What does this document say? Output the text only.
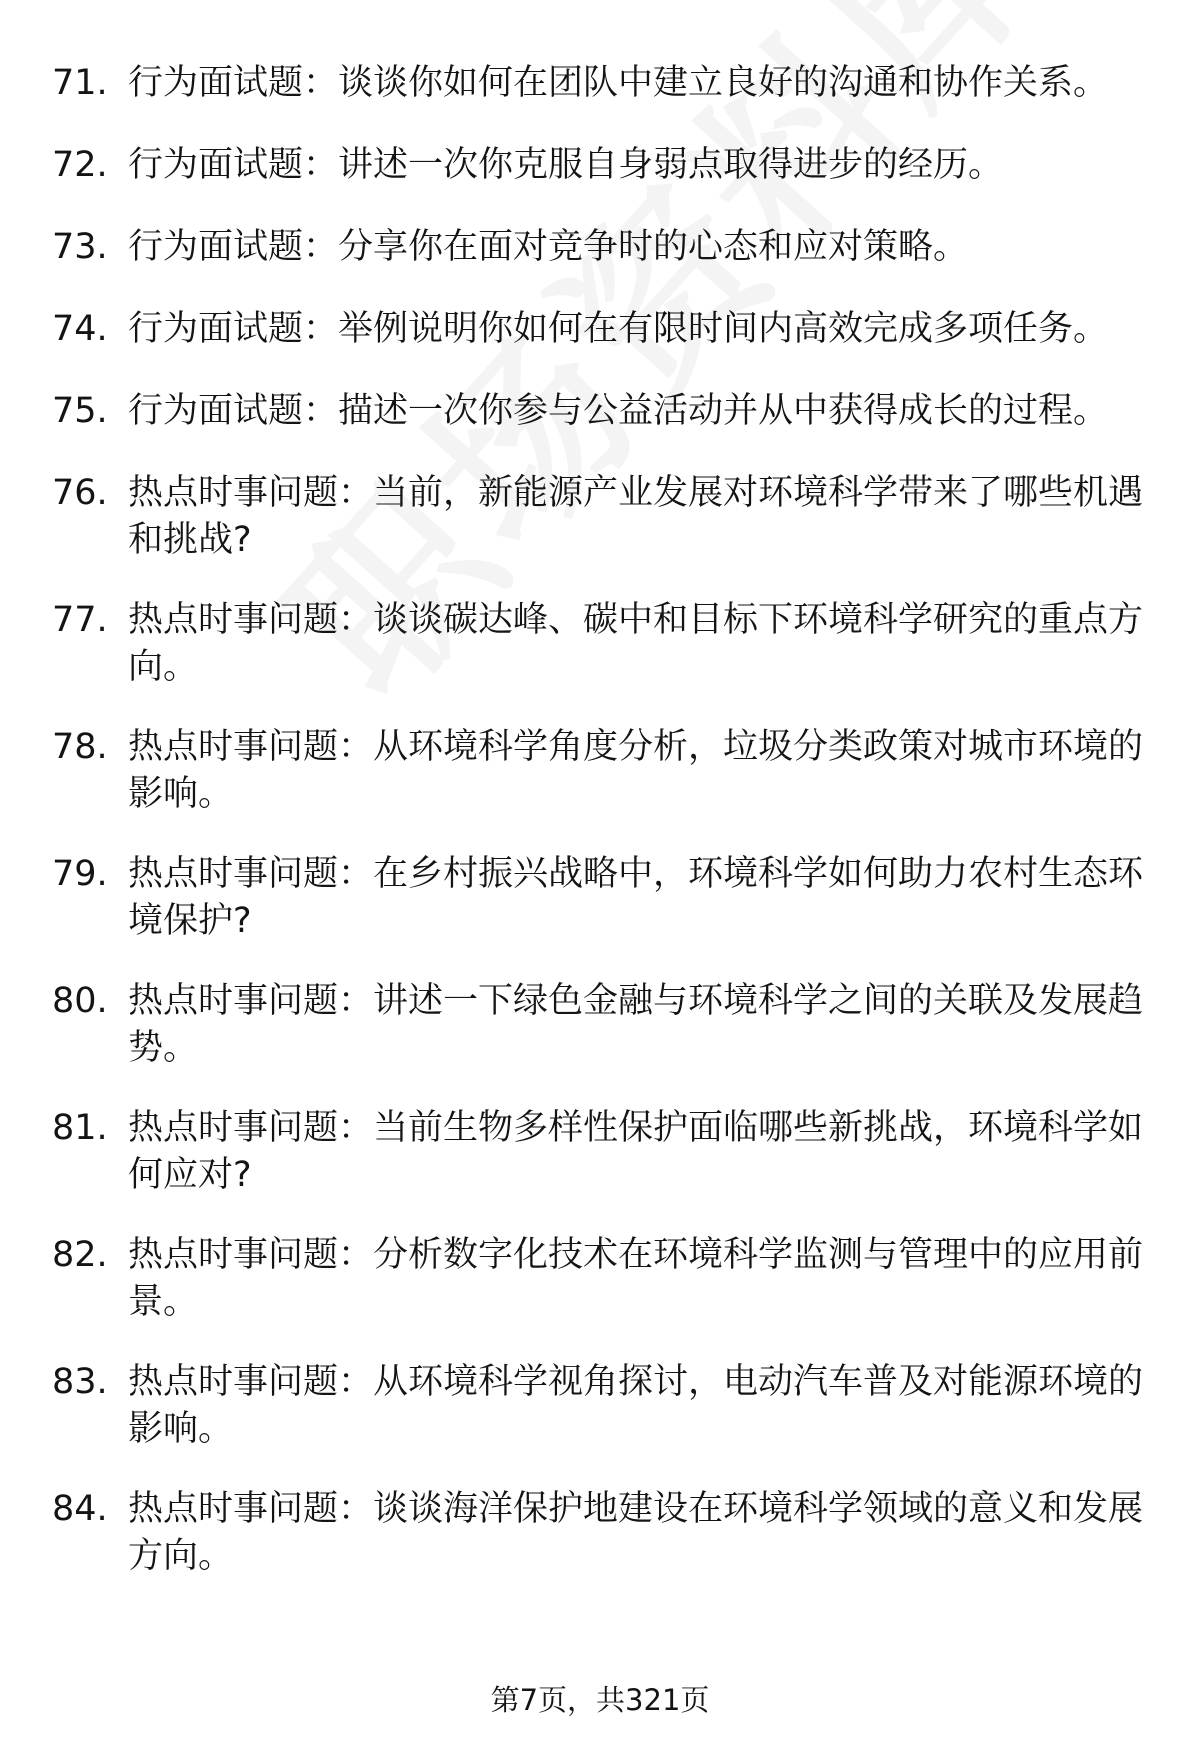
71. 行为面试题：谈谈你如何在团队中建立良好的沟通和协作关系。
72. 行为面试题：讲述一次你克服自身弱点取得进步的经历。
73. 行为面试题：分享你在面对竞争时的心态和应对策略。
74. 行为面试题：举例说明你如何在有限时间内高效完成多项任务。
75. 行为面试题：描述一次你参与公益活动并从中获得成长的过程。
76. 热点时事问题：当前，新能源产业发展对环境科学带来了哪些机遇和挑战?
77. 热点时事问题：谈谈碳达峰、碳中和目标下环境科学研究的重点方向。
78. 热点时事问题：从环境科学角度分析，垃圾分类政策对城市环境的影响。
79. 热点时事问题：在乡村振兴战略中，环境科学如何助力农村生态环境保护?
80. 热点时事问题：讲述一下绿色金融与环境科学之间的关联及发展趋势。
81. 热点时事问题：当前生物多样性保护面临哪些新挑战，环境科学如何应对?
82. 热点时事问题：分析数字化技术在环境科学监测与管理中的应用前景。
83. 热点时事问题：从环境科学视角探讨，电动汽车普及对能源环境的影响。
84. 热点时事问题：谈谈海洋保护地建设在环境科学领域的意义和发展方向。
第7页，共321页
